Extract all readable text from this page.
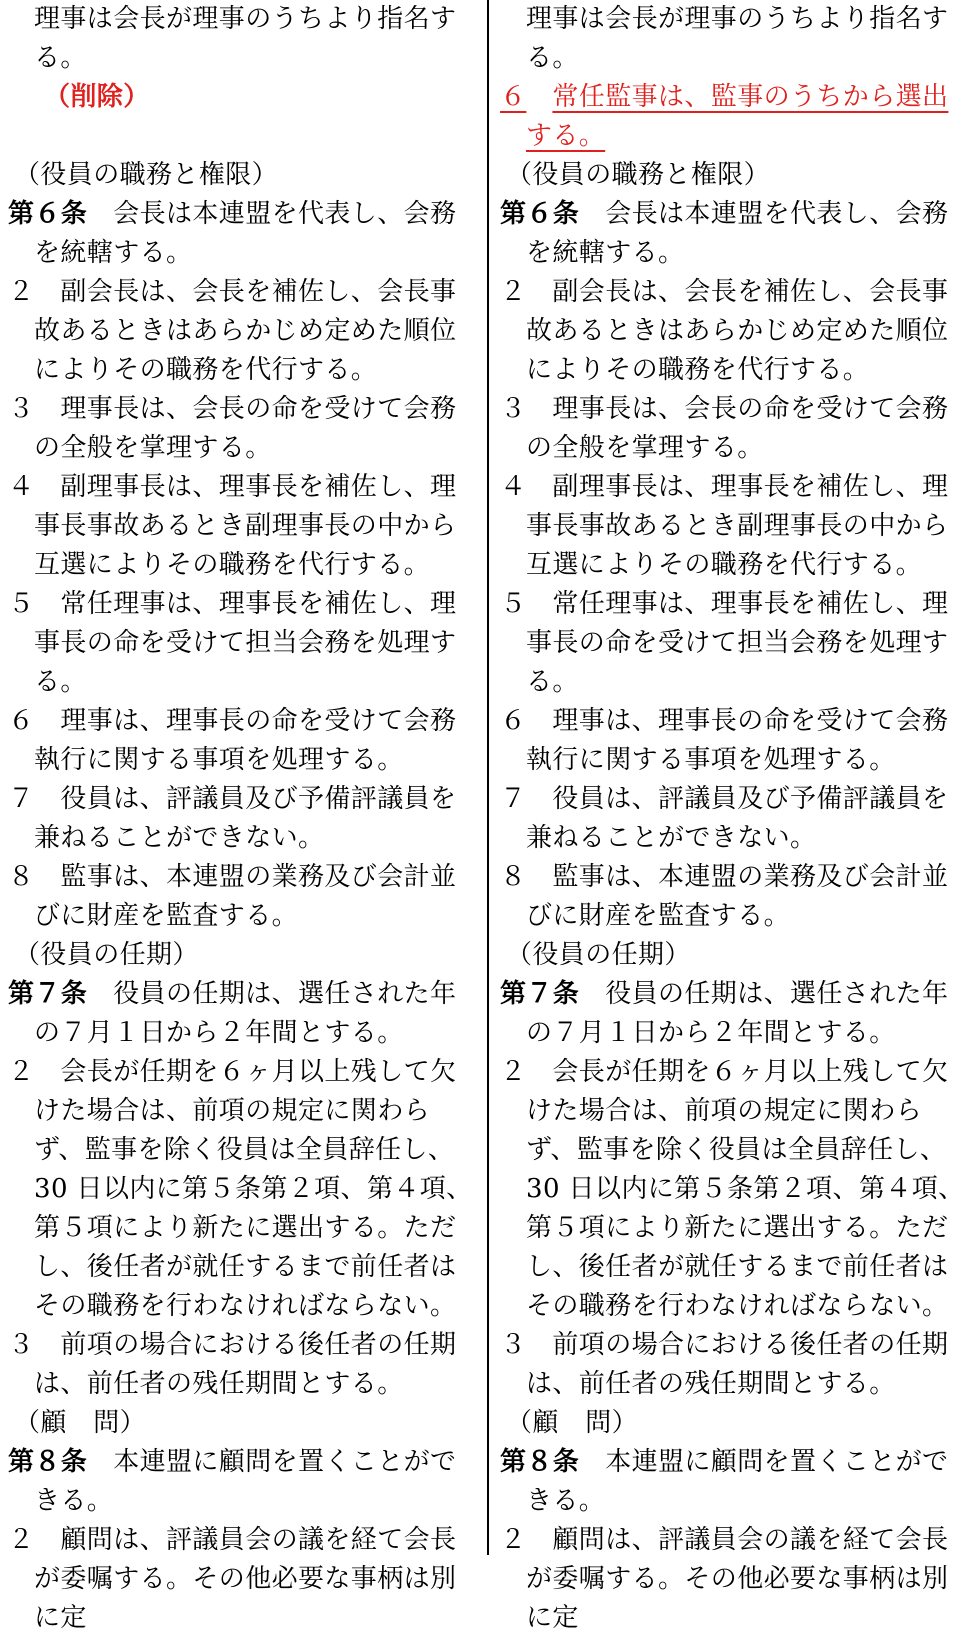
理事は会長が理事のうちより指名す
る。
（削除）
（役員の職務と権限）
第６条 会長は本連盟を代表し、会務を統轄する。
２ 副会長は、会長を補佐し、会長事故あるときはあらかじめ定めた順位によりその職務を代行する。
３ 理事長は、会長の命を受けて会務の全般を掌理する。
４ 副理事長は、理事長を補佐し、理事長事故あるとき副理事長の中から互選によりその職務を代行する。
５ 常任理事は、理事長を補佐し、理事長の命を受けて担当会務を処理する。
６ 理事は、理事長の命を受けて会務執行に関する事項を処理する。
７ 役員は、評議員及び予備評議員を兼ねることができない。
８ 監事は、本連盟の業務及び会計並びに財産を監査する。
（役員の任期）
第７条 役員の任期は、選任された年の７月１日から２年間とする。
２ 会長が任期を６ヶ月以上残して欠けた場合は、前項の規定に関わらず、監事を除く役員は全員辞任し、30 日以内に第５条第２項、第４項、第５項により新たに選出する。ただし、後任者が就任するまで前任者はその職務を行わなければならない。
３ 前項の場合における後任者の任期は、前任者の残任期間とする。
（顧　問）
第８条 本連盟に顧問を置くことができる。
２ 顧問は、評議員会の議を経て会長が委嘱する。その他必要な事柄は別に定
理事は会長が理事のうちより指名す
る。
６ 常任監事は、監事のうちから選出する。
（役員の職務と権限）
第６条 会長は本連盟を代表し、会務を統轄する。
２ 副会長は、会長を補佐し、会長事故あるときはあらかじめ定めた順位によりその職務を代行する。
３ 理事長は、会長の命を受けて会務の全般を掌理する。
４ 副理事長は、理事長を補佐し、理事長事故あるとき副理事長の中から互選によりその職務を代行する。
５ 常任理事は、理事長を補佐し、理事長の命を受けて担当会務を処理する。
６ 理事は、理事長の命を受けて会務執行に関する事項を処理する。
７ 役員は、評議員及び予備評議員を兼ねることができない。
８ 監事は、本連盟の業務及び会計並びに財産を監査する。
（役員の任期）
第７条 役員の任期は、選任された年の７月１日から２年間とする。
２ 会長が任期を６ヶ月以上残して欠けた場合は、前項の規定に関わらず、監事を除く役員は全員辞任し、30 日以内に第５条第２項、第４項、第５項により新たに選出する。ただし、後任者が就任するまで前任者はその職務を行わなければならない。
３ 前項の場合における後任者の任期は、前任者の残任期間とする。
（顧　問）
第８条 本連盟に顧問を置くことができる。
２ 顧問は、評議員会の議を経て会長が委嘱する。その他必要な事柄は別に定
